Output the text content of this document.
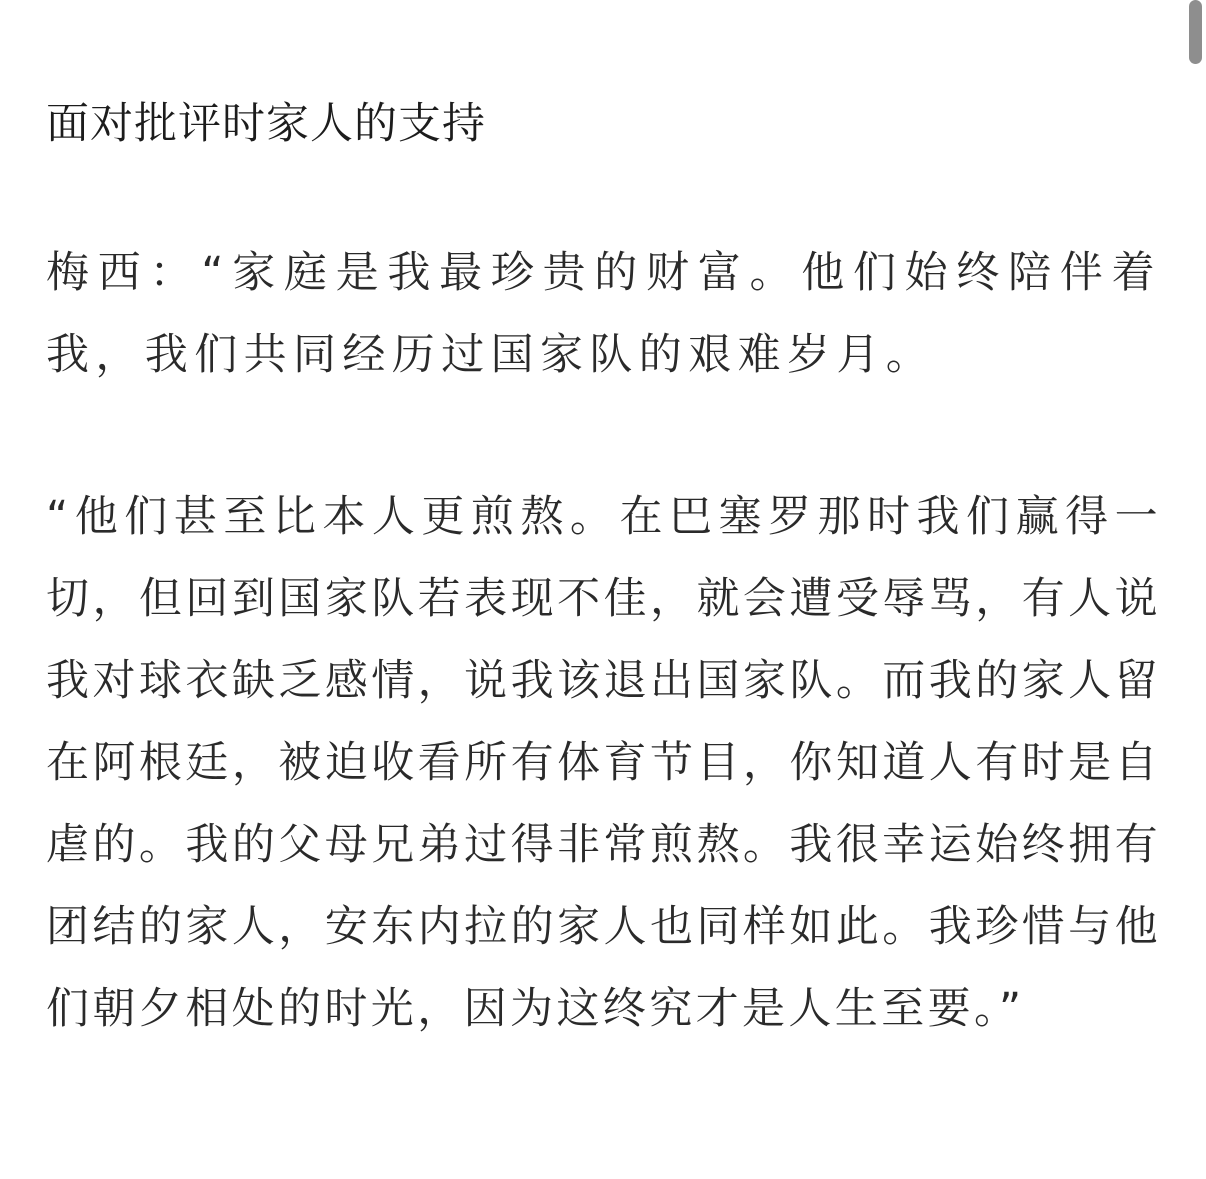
面对批评时家人的支持

梅西：“家庭是我最珍贵的财富。他们始终陪伴着我，我们共同经历过国家队的艰难岁月。

“他们甚至比本人更煎熬。在巴塞罗那时我们赢得一切，但回到国家队若表现不佳，就会遭受辱骂，有人说我对球衣缺乏感情，说我该退出国家队。而我的家人留在阿根廷，被迫收看所有体育节目，你知道人有时是自虐的。我的父母兄弟过得非常煎熬。我很幸运始终拥有团结的家人，安东内拉的家人也同样如此。我珍惜与他们朝夕相处的时光，因为这终究才是人生至要。”
